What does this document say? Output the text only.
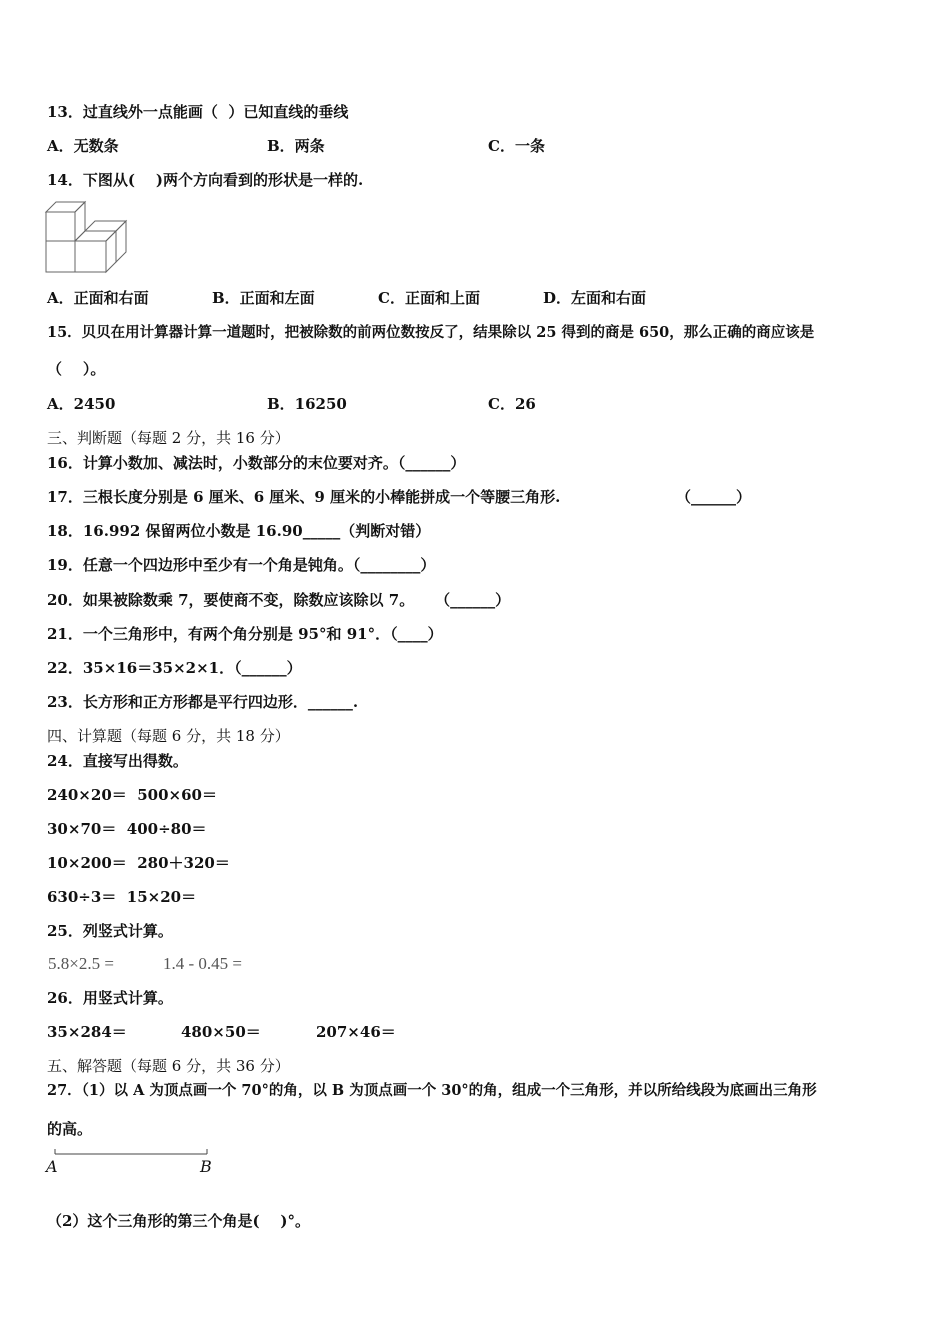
13．过直线外一点能画（  ）已知直线的垂线
A．无数条	B．两条	C．一条
14．下图从(    )两个方向看到的形状是一样的.
A．正面和右面	B．正面和左面	C．正面和上面	D．左面和右面
15．贝贝在用计算器计算一道题时，把被除数的前两位数按反了，结果除以 25 得到的商是 650，那么正确的商应该是
（    ）。
A．2450	B．16250	C．26
三、判断题（每题 2 分，共 16 分）
16．计算小数加、减法时，小数部分的末位要对齐。（______）
17．三根长度分别是 6 厘米、6 厘米、9 厘米的小棒能拼成一个等腰三角形.	（______）
18．16.992 保留两位小数是 16.90_____（判断对错）
19．任意一个四边形中至少有一个角是钝角。（________）
20．如果被除数乘 7，要使商不变，除数应该除以 7。    （______）
21．一个三角形中，有两个角分别是 95°和 91°．（____）
22．35×16＝35×2×1．（______）
23．长方形和正方形都是平行四边形．______.
四、计算题（每题 6 分，共 18 分）
24．直接写出得数。
240×20＝  500×60＝
30×70＝  400÷80＝
10×200＝  280＋320＝
630÷3＝  15×20＝
25．列竖式计算。
5.8×2.5 =	1.4 - 0.45 =
26．用竖式计算。
35×284＝	480×50＝	207×46＝
五、解答题（每题 6 分，共 36 分）
27．（1）以 A 为顶点画一个 70°的角，以 B 为顶点画一个 30°的角，组成一个三角形，并以所给线段为底画出三角形
的高。
A	B
（2）这个三角形的第三个角是(    )°。
